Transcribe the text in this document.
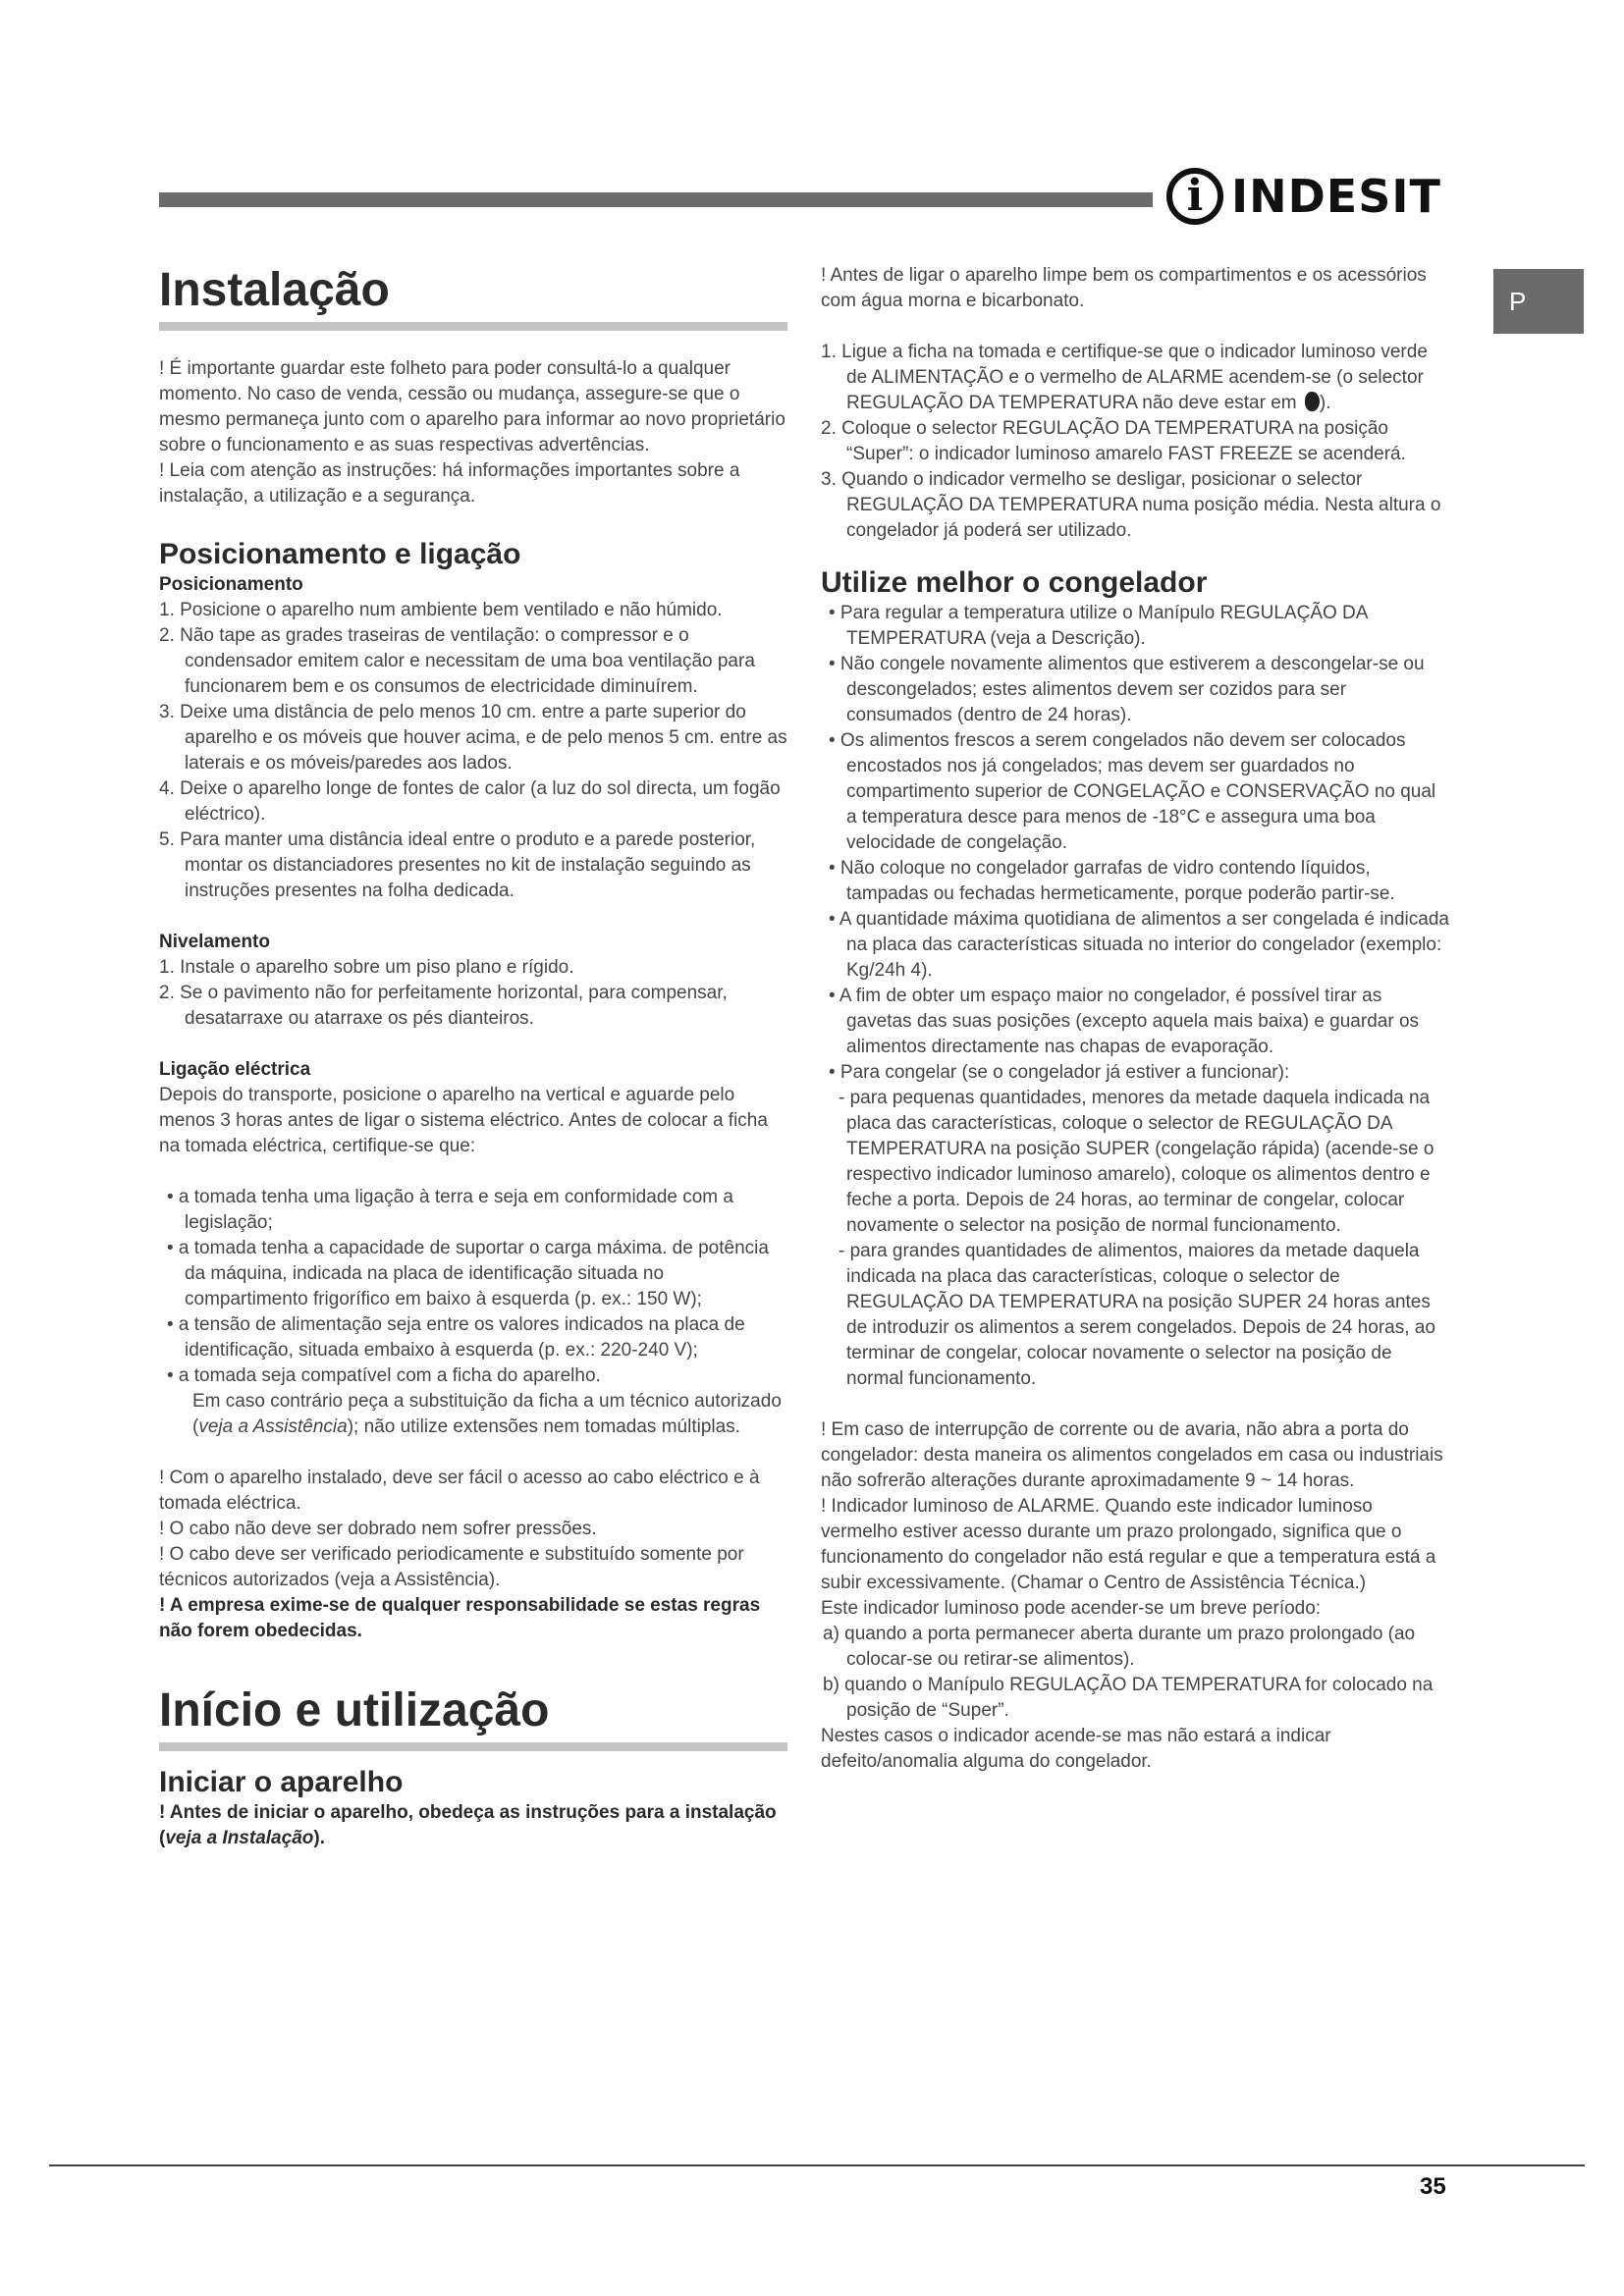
i INDESIT
P
Instalação

! É importante guardar este folheto para poder consultá-lo a qualquer momento. No caso de venda, cessão ou mudança, assegure-se que o mesmo permaneça junto com o aparelho para informar ao novo proprietário sobre o funcionamento e as suas respectivas advertências.

! Leia com atenção as instruções: há informações importantes sobre a instalação, a utilização e a segurança.

Posicionamento e ligação
Posicionamento
1. Posicione o aparelho num ambiente bem ventilado e não húmido.
2. Não tape as grades traseiras de ventilação: o compressor e o condensador emitem calor e necessitam de uma boa ventilação para funcionarem bem e os consumos de electricidade diminuírem.
3. Deixe uma distância de pelo menos 10 cm. entre a parte superior do aparelho e os móveis que houver acima, e de pelo menos 5 cm. entre as laterais e os móveis/paredes aos lados.
4. Deixe o aparelho longe de fontes de calor (a luz do sol directa, um fogão eléctrico).
5. Para manter uma distância ideal entre o produto e a parede posterior, montar os distanciadores presentes no kit de instalação seguindo as instruções presentes na folha dedicada.
Nivelamento
1. Instale o aparelho sobre um piso plano e rígido.
2. Se o pavimento não for perfeitamente horizontal, para compensar, desatarraxe ou atarraxe os pés dianteiros.
Ligação eléctrica

Depois do transporte, posicione o aparelho na vertical e aguarde pelo menos 3 horas antes de ligar o sistema eléctrico. Antes de colocar a ficha na tomada eléctrica, certifique-se que:

• a tomada tenha uma ligação à terra e seja em conformidade com a legislação;
• a tomada tenha a capacidade de suportar o carga máxima. de potência da máquina, indicada na placa de identificação situada no compartimento frigorífico em baixo à esquerda (p. ex.: 150 W);
• a tensão de alimentação seja entre os valores indicados na placa de identificação, situada embaixo à esquerda (p. ex.: 220-240 V);
• a tomada seja compatível com a ficha do aparelho.

Em caso contrário peça a substituição da ficha a um técnico autorizado (veja a Assistência); não utilize extensões nem tomadas múltiplas.

! Com o aparelho instalado, deve ser fácil o acesso ao cabo eléctrico e à tomada eléctrica.

! O cabo não deve ser dobrado nem sofrer pressões.

! O cabo deve ser verificado periodicamente e substituído somente por técnicos autorizados (veja a Assistência).

! A empresa exime-se de qualquer responsabilidade se estas regras não forem obedecidas.

Início e utilização
Iniciar o aparelho

! Antes de iniciar o aparelho, obedeça as instruções para a instalação (veja a Instalação).

! Antes de ligar o aparelho limpe bem os compartimentos e os acessórios com água morna e bicarbonato.

1. Ligue a ficha na tomada e certifique-se que o indicador luminoso verde de ALIMENTAÇÃO e o vermelho de ALARME acendem-se (o selector REGULAÇÃO DA TEMPERATURA não deve estar em ).
2. Coloque o selector REGULAÇÃO DA TEMPERATURA na posição “Super”: o indicador luminoso amarelo FAST FREEZE se acenderá.
3. Quando o indicador vermelho se desligar, posicionar o selector REGULAÇÃO DA TEMPERATURA numa posição média. Nesta altura o congelador já poderá ser utilizado.
Utilize melhor o congelador
• Para regular a temperatura utilize o Manípulo REGULAÇÃO DA TEMPERATURA (veja a Descrição).
• Não congele novamente alimentos que estiverem a descongelar-se ou descongelados; estes alimentos devem ser cozidos para ser consumados (dentro de 24 horas).
• Os alimentos frescos a serem congelados não devem ser colocados encostados nos já congelados; mas devem ser guardados no compartimento superior de CONGELAÇÃO e CONSERVAÇÃO no qual a temperatura desce para menos de -18°C e assegura uma boa velocidade de congelação.
• Não coloque no congelador garrafas de vidro contendo líquidos, tampadas ou fechadas hermeticamente, porque poderão partir-se.
• A quantidade máxima quotidiana de alimentos a ser congelada é indicada na placa das características situada no interior do congelador (exemplo: Kg/24h 4).
• A fim de obter um espaço maior no congelador, é possível tirar as gavetas das suas posições (excepto aquela mais baixa) e guardar os alimentos directamente nas chapas de evaporação.
• Para congelar (se o congelador já estiver a funcionar):

- para pequenas quantidades, menores da metade daquela indicada na placa das características, coloque o selector de REGULAÇÃO DA TEMPERATURA na posição SUPER (congelação rápida) (acende-se o respectivo indicador luminoso amarelo), coloque os alimentos dentro e feche a porta. Depois de 24 horas, ao terminar de congelar, colocar novamente o selector na posição de normal funcionamento.

- para grandes quantidades de alimentos, maiores da metade daquela indicada na placa das características, coloque o selector de REGULAÇÃO DA TEMPERATURA na posição SUPER 24 horas antes de introduzir os alimentos a serem congelados. Depois de 24 horas, ao terminar de congelar, colocar novamente o selector na posição de normal funcionamento.

! Em caso de interrupção de corrente ou de avaria, não abra a porta do congelador: desta maneira os alimentos congelados em casa ou industriais não sofrerão alterações durante aproximadamente 9 ~ 14 horas.

! Indicador luminoso de ALARME. Quando este indicador luminoso vermelho estiver acesso durante um prazo prolongado, significa que o funcionamento do congelador não está regular e que a temperatura está a subir excessivamente. (Chamar o Centro de Assistência Técnica.)

Este indicador luminoso pode acender-se um breve período:

a) quando a porta permanecer aberta durante um prazo prolongado (ao colocar-se ou retirar-se alimentos).

b) quando o Manípulo REGULAÇÃO DA TEMPERATURA for colocado na posição de “Super”.

Nestes casos o indicador acende-se mas não estará a indicar defeito/anomalia alguma do congelador.

35
